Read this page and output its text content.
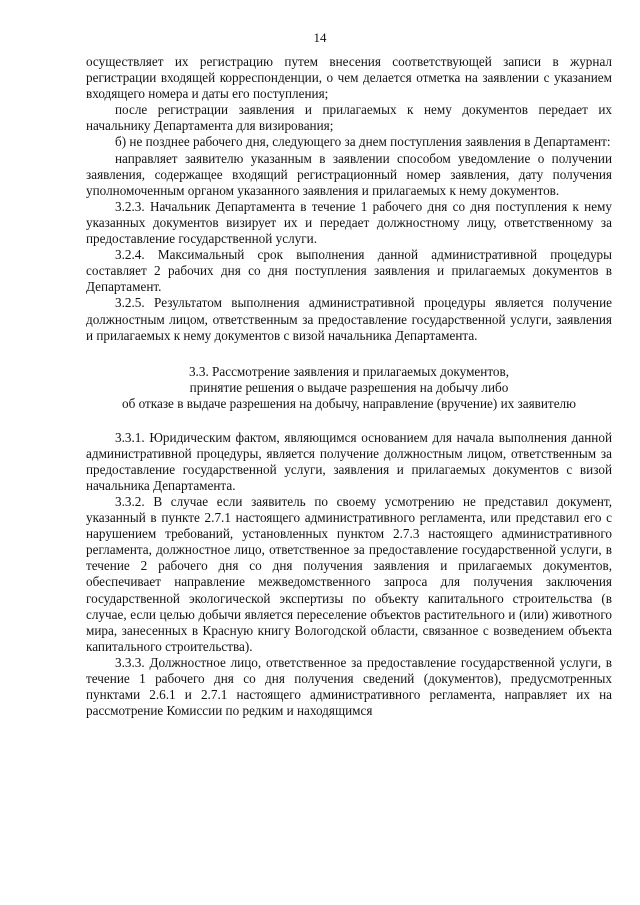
14

осуществляет их регистрацию путем внесения соответствующей записи в журнал регистрации входящей корреспонденции, о чем делается отметка на заявлении с указанием входящего номера и даты его поступления;

после регистрации заявления и прилагаемых к нему документов передает их начальнику Департамента для визирования;

б) не позднее рабочего дня, следующего за днем поступления заявления в Департамент:

направляет заявителю указанным в заявлении способом уведомление о получении заявления, содержащее входящий регистрационный номер заявления, дату получения уполномоченным органом указанного заявления и прилагаемых к нему документов.

3.2.3. Начальник Департамента в течение 1 рабочего дня со дня поступления к нему указанных документов визирует их и передает должностному лицу, ответственному за предоставление государственной услуги.

3.2.4. Максимальный срок выполнения данной административной процедуры составляет 2 рабочих дня со дня поступления заявления и прилагаемых документов в Департамент.

3.2.5. Результатом выполнения административной процедуры является получение должностным лицом, ответственным за предоставление государственной услуги, заявления и прилагаемых к нему документов с визой начальника Департамента.

3.3. Рассмотрение заявления и прилагаемых документов,
принятие решения о выдаче разрешения на добычу либо
об отказе в выдаче разрешения на добычу, направление (вручение) их заявителю

3.3.1. Юридическим фактом, являющимся основанием для начала выполнения данной административной процедуры, является получение должностным лицом, ответственным за предоставление государственной услуги, заявления и прилагаемых документов с визой начальника Департамента.

3.3.2. В случае если заявитель по своему усмотрению не представил документ, указанный в пункте 2.7.1 настоящего административного регламента, или представил его с нарушением требований, установленных пунктом 2.7.3 настоящего административного регламента, должностное лицо, ответственное за предоставление государственной услуги, в течение 2 рабочего дня со дня получения заявления и прилагаемых документов, обеспечивает направление межведомственного запроса для получения заключения государственной экологической экспертизы по объекту капитального строительства (в случае, если целью добычи является переселение объектов растительного и (или) животного мира, занесенных в Красную книгу Вологодской области, связанное с возведением объекта капитального строительства).

3.3.3. Должностное лицо, ответственное за предоставление государственной услуги, в течение 1 рабочего дня со дня получения сведений (документов), предусмотренных пунктами 2.6.1 и 2.7.1 настоящего административного регламента, направляет их на рассмотрение Комиссии по редким и находящимся
